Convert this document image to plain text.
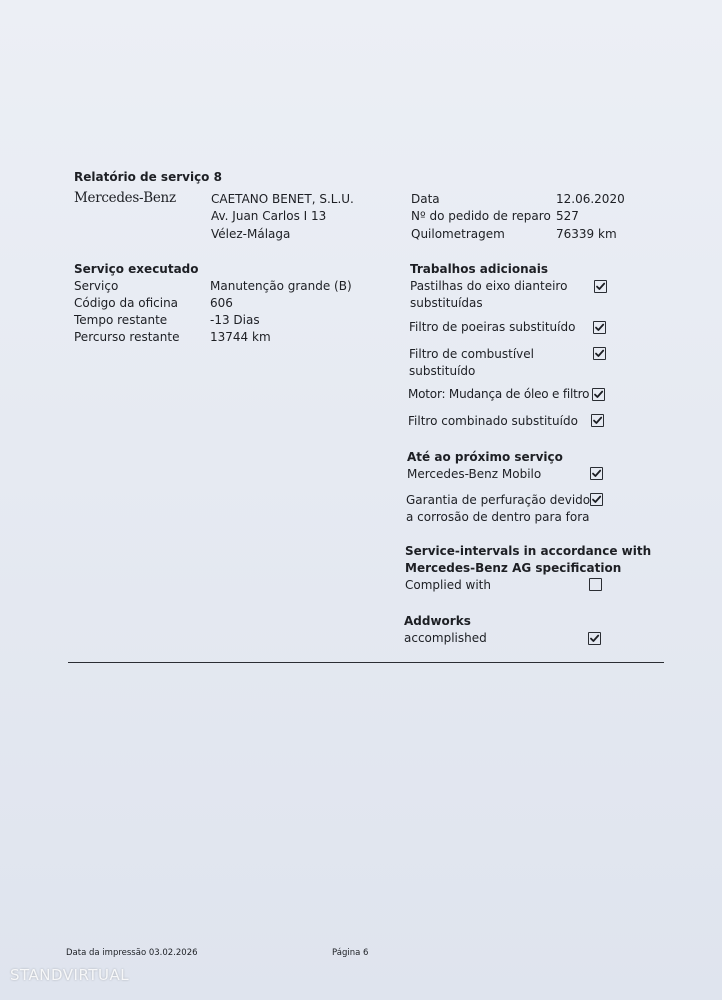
Relatório de serviço 8
Mercedes-Benz	CAETANO BENET, S.L.U.
Av. Juan Carlos I 13
Vélez-Málaga
Data	12.06.2020
Nº do pedido de reparo 527
Quilometragem	76339 km
Serviço executado
Serviço	Manutenção grande (B)
Código da oficina	606
Tempo restante	-13 Dias
Percurso restante	13744 km
Trabalhos adicionais
Pastilhas do eixo dianteiro
substituídas
Filtro de poeiras substituído
Filtro de combustível
substituído
Motor: Mudança de óleo e filtro
Filtro combinado substituído
Até ao próximo serviço
Mercedes-Benz Mobilo
Garantia de perfuração devido
a corrosão de dentro para fora
Service-intervals in accordance with
Mercedes-Benz AG specification
Complied with
Addworks
accomplished
Data da impressão 03.02.2026	Página 6
STANDVIRTUAL
